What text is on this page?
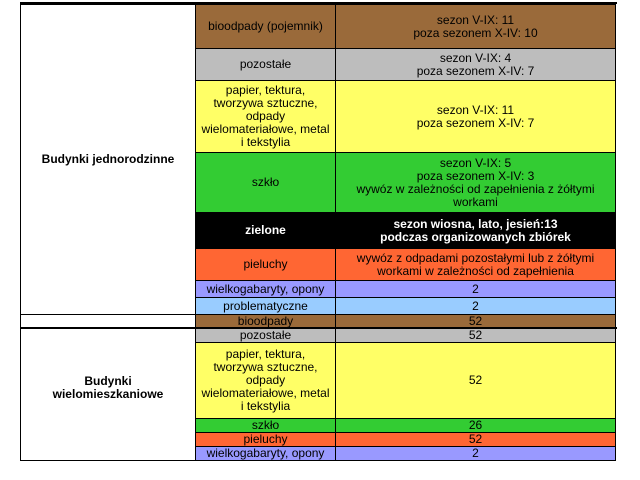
Budynki jednorodzinne	bioodpady (pojemnik)	sezon V-IX: 11
poza sezonem X-IV: 10
	pozostałe	sezon V-IX: 4
poza sezonem X-IV: 7
	papier, tektura,
tworzywa sztuczne,
odpady
wielomateriałowe, metal
i tekstylia	sezon V-IX: 11
poza sezonem X-IV: 7
	szkło	sezon V-IX: 5
poza sezonem X-IV: 3
wywóz w zależności od zapełnienia z żółtymi
workami
	zielone	sezon wiosna, lato, jesień:13
podczas organizowanych zbiórek
	pieluchy	wywóz z odpadami pozostałymi lub z żółtymi
workami w zależności od zapełnienia
	wielkogabaryty, opony	2
	problematyczne	2
Budynki
wielomieszkaniowe	bioodpady	52
	pozostałe	52
	papier, tektura,
tworzywa sztuczne,
odpady
wielomateriałowe, metal
i tekstylia	52
	szkło	26
	pieluchy	52
	wielkogabaryty, opony	2
